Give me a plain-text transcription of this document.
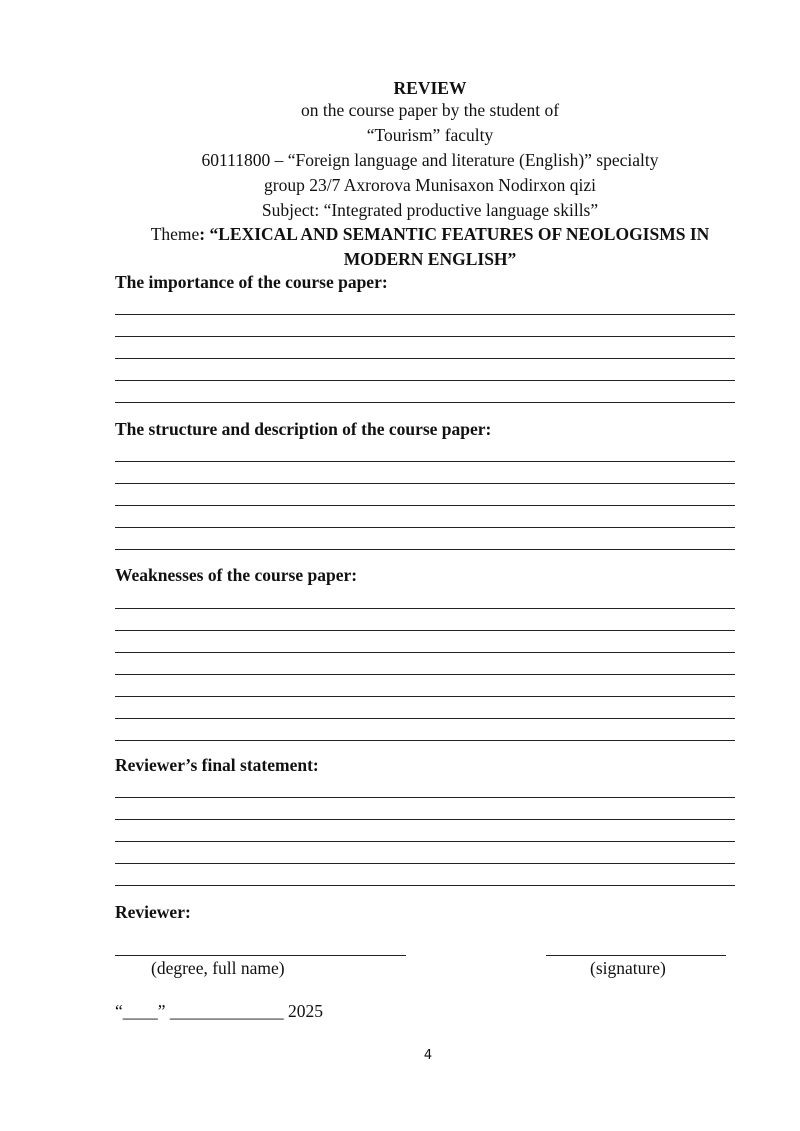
REVIEW
on the course paper by the student of
“Tourism” faculty
60111800 – “Foreign language and literature (English)” specialty
group 23/7 Axrorova Munisaxon Nodirxon qizi
Subject: “Integrated productive language skills”
Theme: “LEXICAL AND SEMANTIC FEATURES OF NEOLOGISMS IN
MODERN ENGLISH”
The importance of the course paper:
The structure and description of the course paper:
Weaknesses of the course paper:
Reviewer’s final statement:
Reviewer:
(degree, full name)	(signature)
“____” _____________ 2025
4
